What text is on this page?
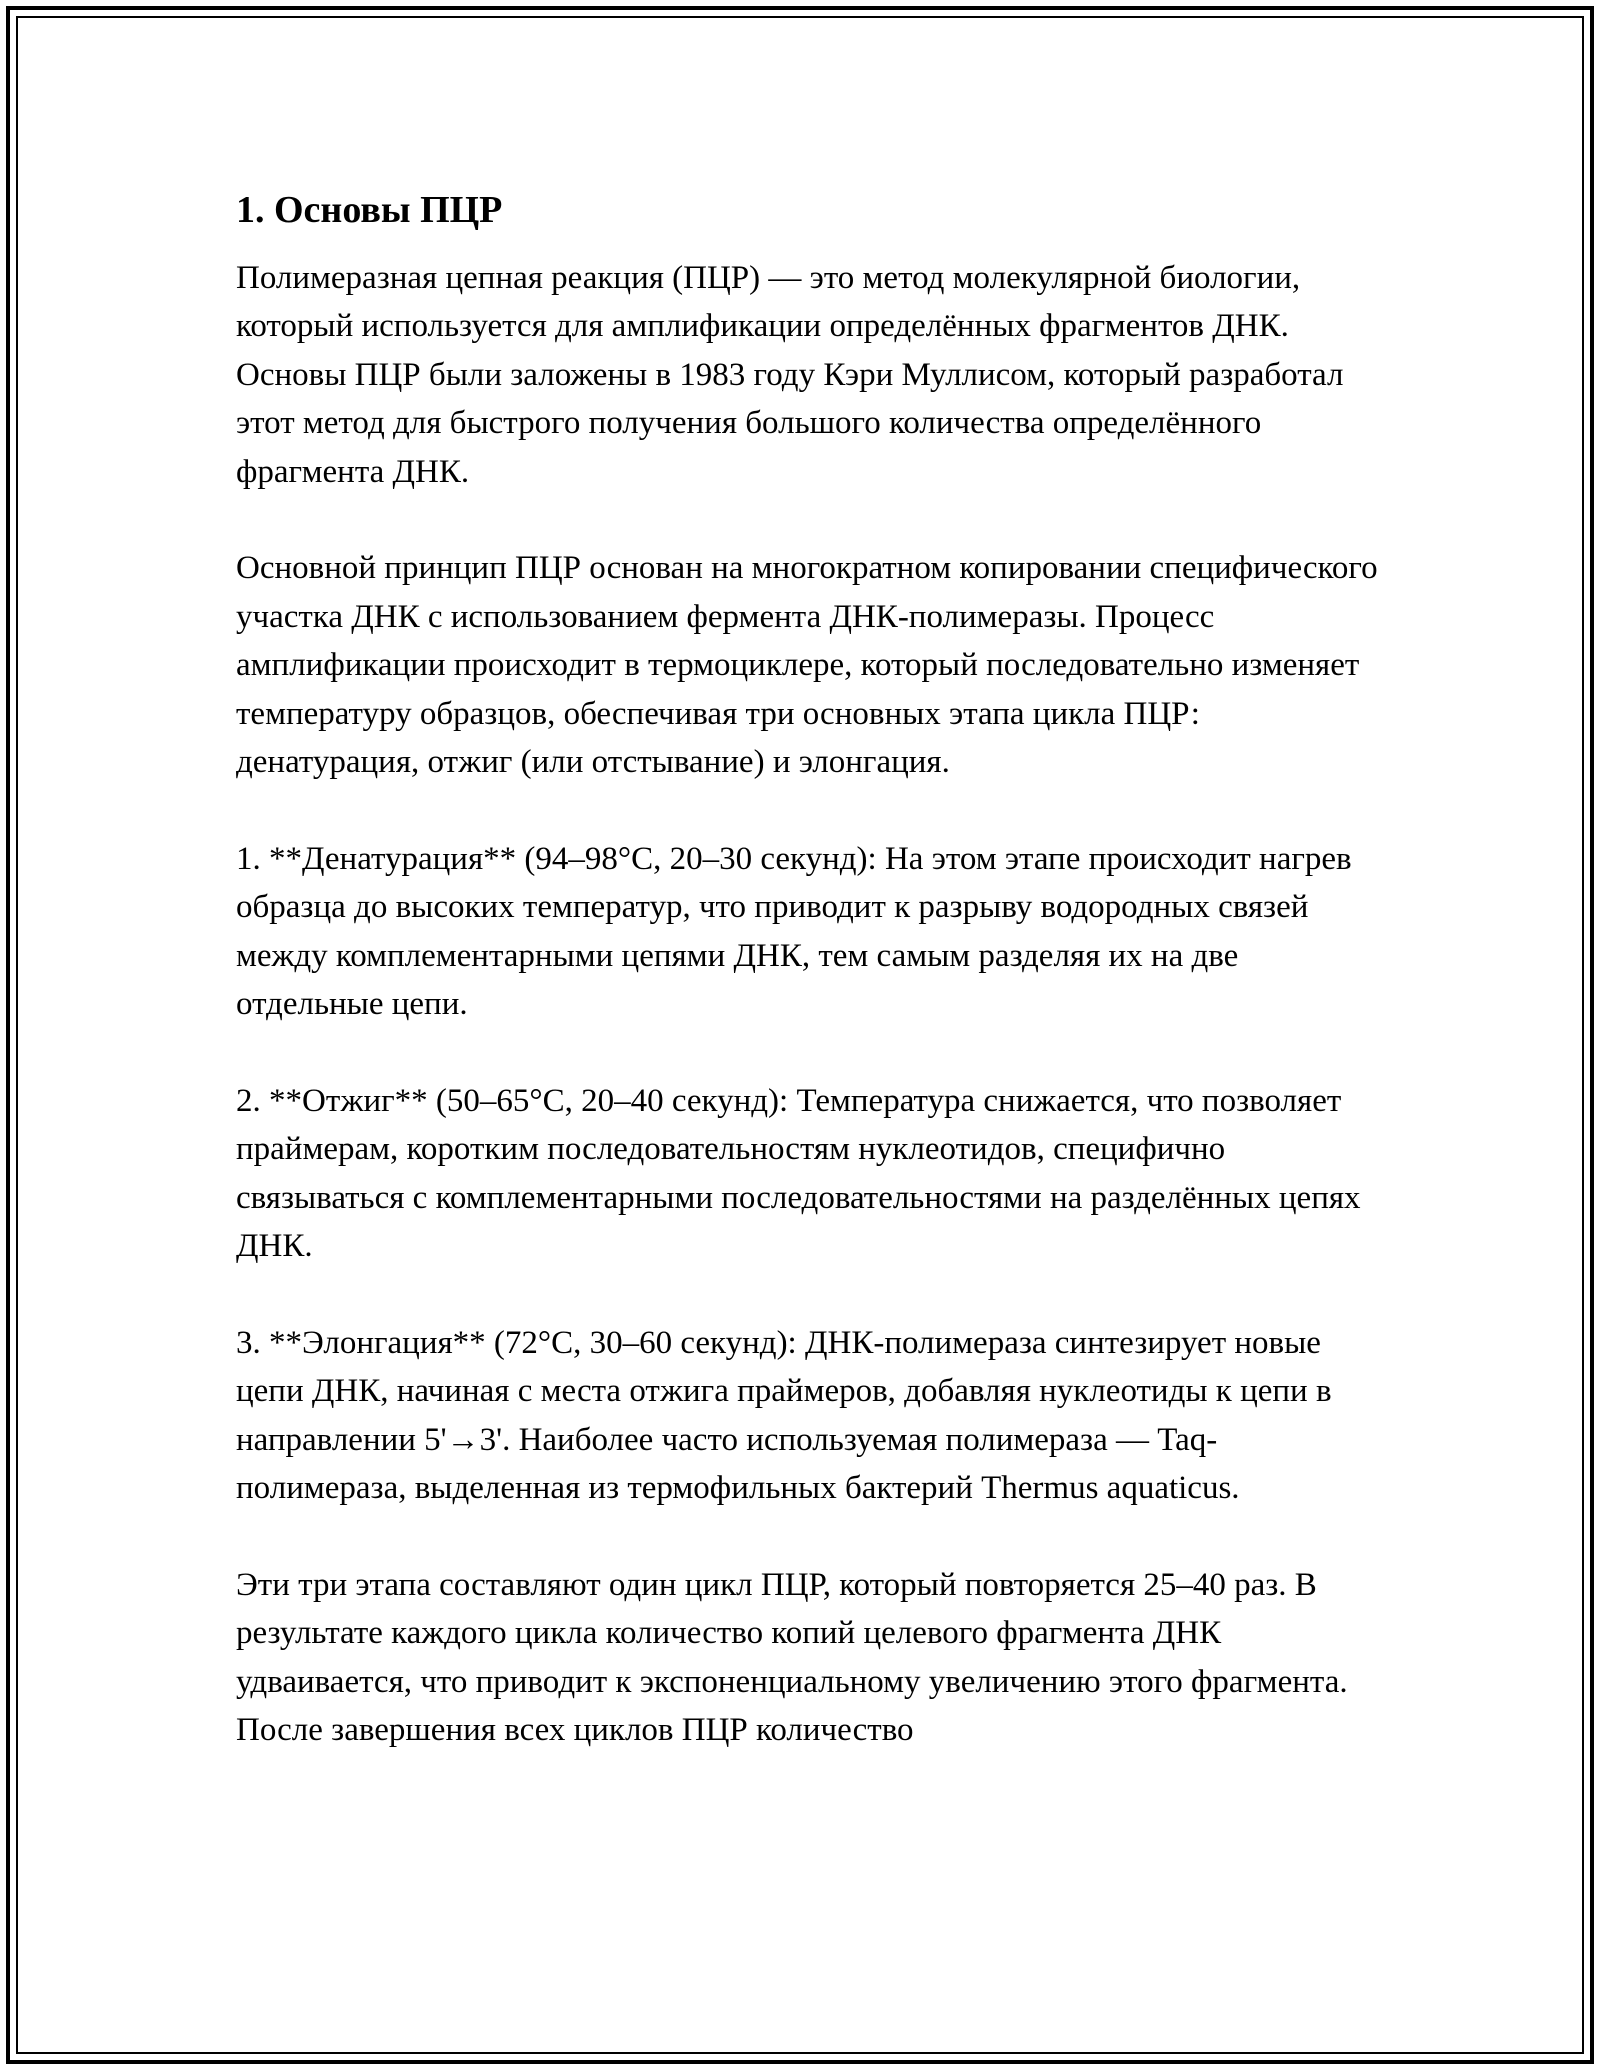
1. Основы ПЦР

Полимеразная цепная реакция (ПЦР) — это метод молекулярной биологии, который используется для амплификации определённых фрагментов ДНК. Основы ПЦР были заложены в 1983 году Кэри Муллисом, который разработал этот метод для быстрого получения большого количества определённого фрагмента ДНК.

Основной принцип ПЦР основан на многократном копировании специфического участка ДНК с использованием фермента ДНК-полимеразы. Процесс амплификации происходит в термоциклере, который последовательно изменяет температуру образцов, обеспечивая три основных этапа цикла ПЦР: денатурация, отжиг (или отстывание) и элонгация.

1. **Денатурация** (94–98°C, 20–30 секунд): На этом этапе происходит нагрев образца до высоких температур, что приводит к разрыву водородных связей между комплементарными цепями ДНК, тем самым разделяя их на две отдельные цепи.

2. **Отжиг** (50–65°C, 20–40 секунд): Температура снижается, что позволяет праймерам, коротким последовательностям нуклеотидов, специфично связываться с комплементарными последовательностями на разделённых цепях ДНК.

3. **Элонгация** (72°C, 30–60 секунд): ДНК-полимераза синтезирует новые цепи ДНК, начиная с места отжига праймеров, добавляя нуклеотиды к цепи в направлении 5'→3'. Наиболее часто используемая полимераза — Taq-полимераза, выделенная из термофильных бактерий Thermus aquaticus.

Эти три этапа составляют один цикл ПЦР, который повторяется 25–40 раз. В результате каждого цикла количество копий целевого фрагмента ДНК удваивается, что приводит к экспоненциальному увеличению этого фрагмента. После завершения всех циклов ПЦР количество
